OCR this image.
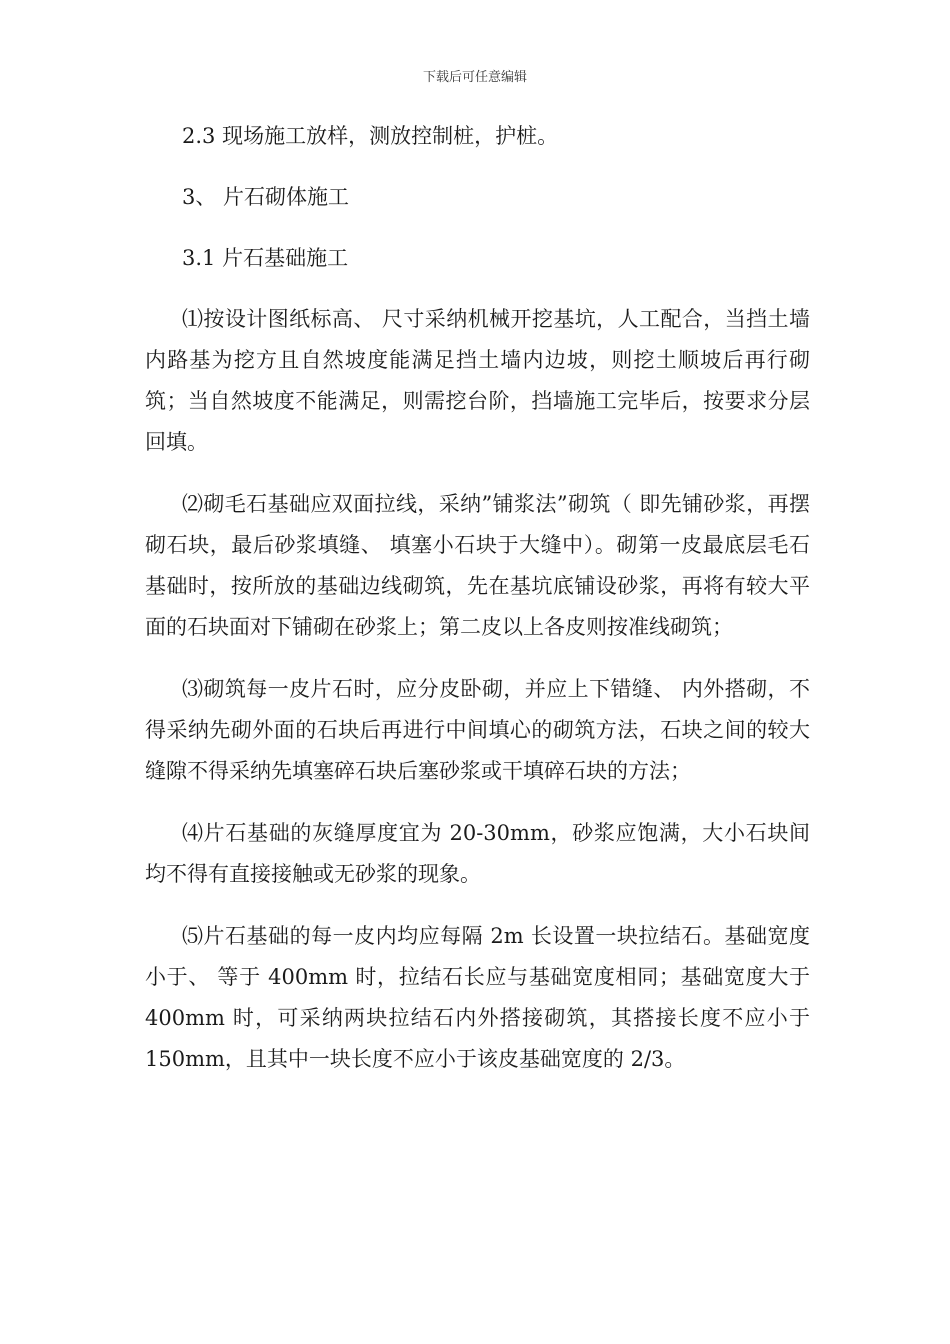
下载后可任意编辑
2.3 现场施工放样，测放控制桩，护桩。
3、 片石砌体施工
3.1 片石基础施工

⑴按设计图纸标高、 尺寸采纳机械开挖基坑，人工配合，当挡土墙内路基为挖方且自然坡度能满足挡土墙内边坡，则挖土顺坡后再行砌筑；当自然坡度不能满足，则需挖台阶，挡墙施工完毕后，按要求分层回填。

⑵砌毛石基础应双面拉线，采纳”铺浆法”砌筑（ 即先铺砂浆，再摆砌石块，最后砂浆填缝、 填塞小石块于大缝中）。砌第一皮最底层毛石基础时，按所放的基础边线砌筑，先在基坑底铺设砂浆，再将有较大平面的石块面对下铺砌在砂浆上；第二皮以上各皮则按准线砌筑；

⑶砌筑每一皮片石时，应分皮卧砌，并应上下错缝、 内外搭砌，不得采纳先砌外面的石块后再进行中间填心的砌筑方法，石块之间的较大缝隙不得采纳先填塞碎石块后塞砂浆或干填碎石块的方法；

⑷片石基础的灰缝厚度宜为 20-30mm，砂浆应饱满，大小石块间均不得有直接接触或无砂浆的现象。

⑸片石基础的每一皮内均应每隔 2m 长设置一块拉结石。基础宽度小于、 等于 400mm 时，拉结石长应与基础宽度相同；基础宽度大于 400mm 时，可采纳两块拉结石内外搭接砌筑，其搭接长度不应小于 150mm，且其中一块长度不应小于该皮基础宽度的 2/3。
